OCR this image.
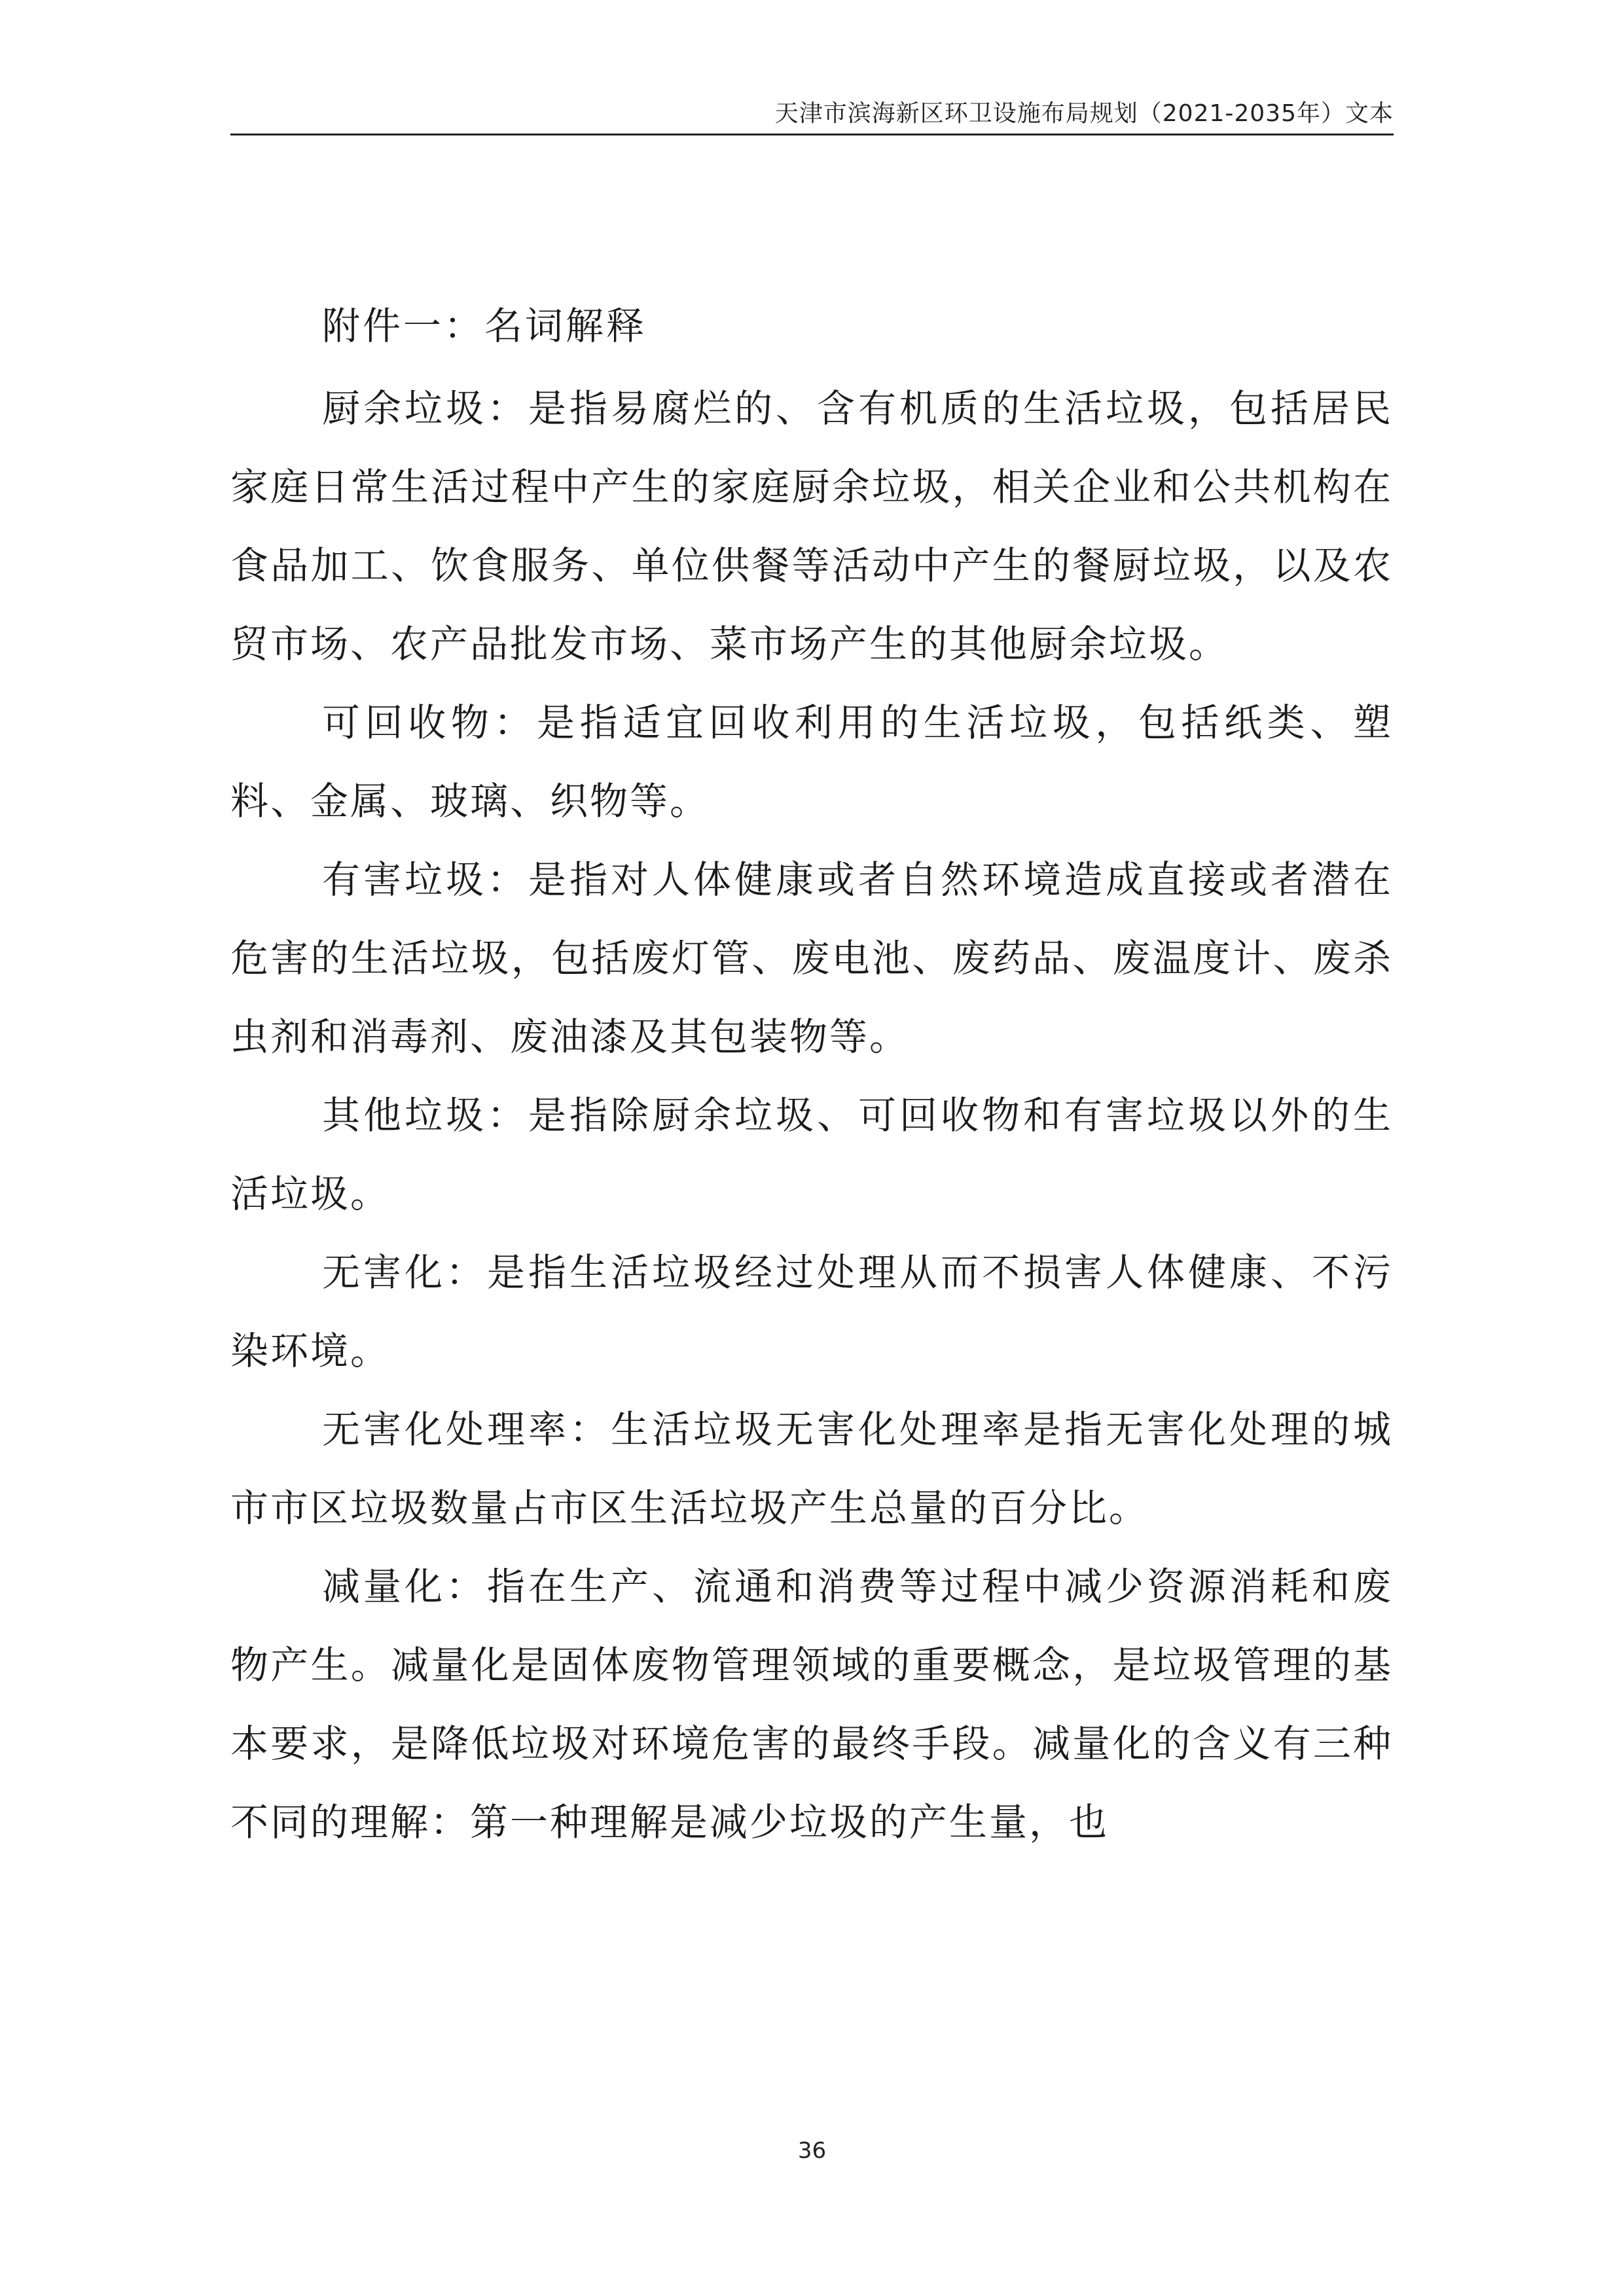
天津市滨海新区环卫设施布局规划（2021-2035年）文本
附件一：名词解释

厨余垃圾：是指易腐烂的、含有机质的生活垃圾，包括居民家庭日常生活过程中产生的家庭厨余垃圾，相关企业和公共机构在食品加工、饮食服务、单位供餐等活动中产生的餐厨垃圾，以及农贸市场、农产品批发市场、菜市场产生的其他厨余垃圾。

可回收物：是指适宜回收利用的生活垃圾，包括纸类、塑料、金属、玻璃、织物等。

有害垃圾：是指对人体健康或者自然环境造成直接或者潜在危害的生活垃圾，包括废灯管、废电池、废药品、废温度计、废杀虫剂和消毒剂、废油漆及其包装物等。

其他垃圾：是指除厨余垃圾、可回收物和有害垃圾以外的生活垃圾。

无害化：是指生活垃圾经过处理从而不损害人体健康、不污染环境。

无害化处理率：生活垃圾无害化处理率是指无害化处理的城市市区垃圾数量占市区生活垃圾产生总量的百分比。

减量化：指在生产、流通和消费等过程中减少资源消耗和废物产生。减量化是固体废物管理领域的重要概念，是垃圾管理的基本要求，是降低垃圾对环境危害的最终手段。减量化的含义有三种不同的理解：第一种理解是减少垃圾的产生量，也

36
